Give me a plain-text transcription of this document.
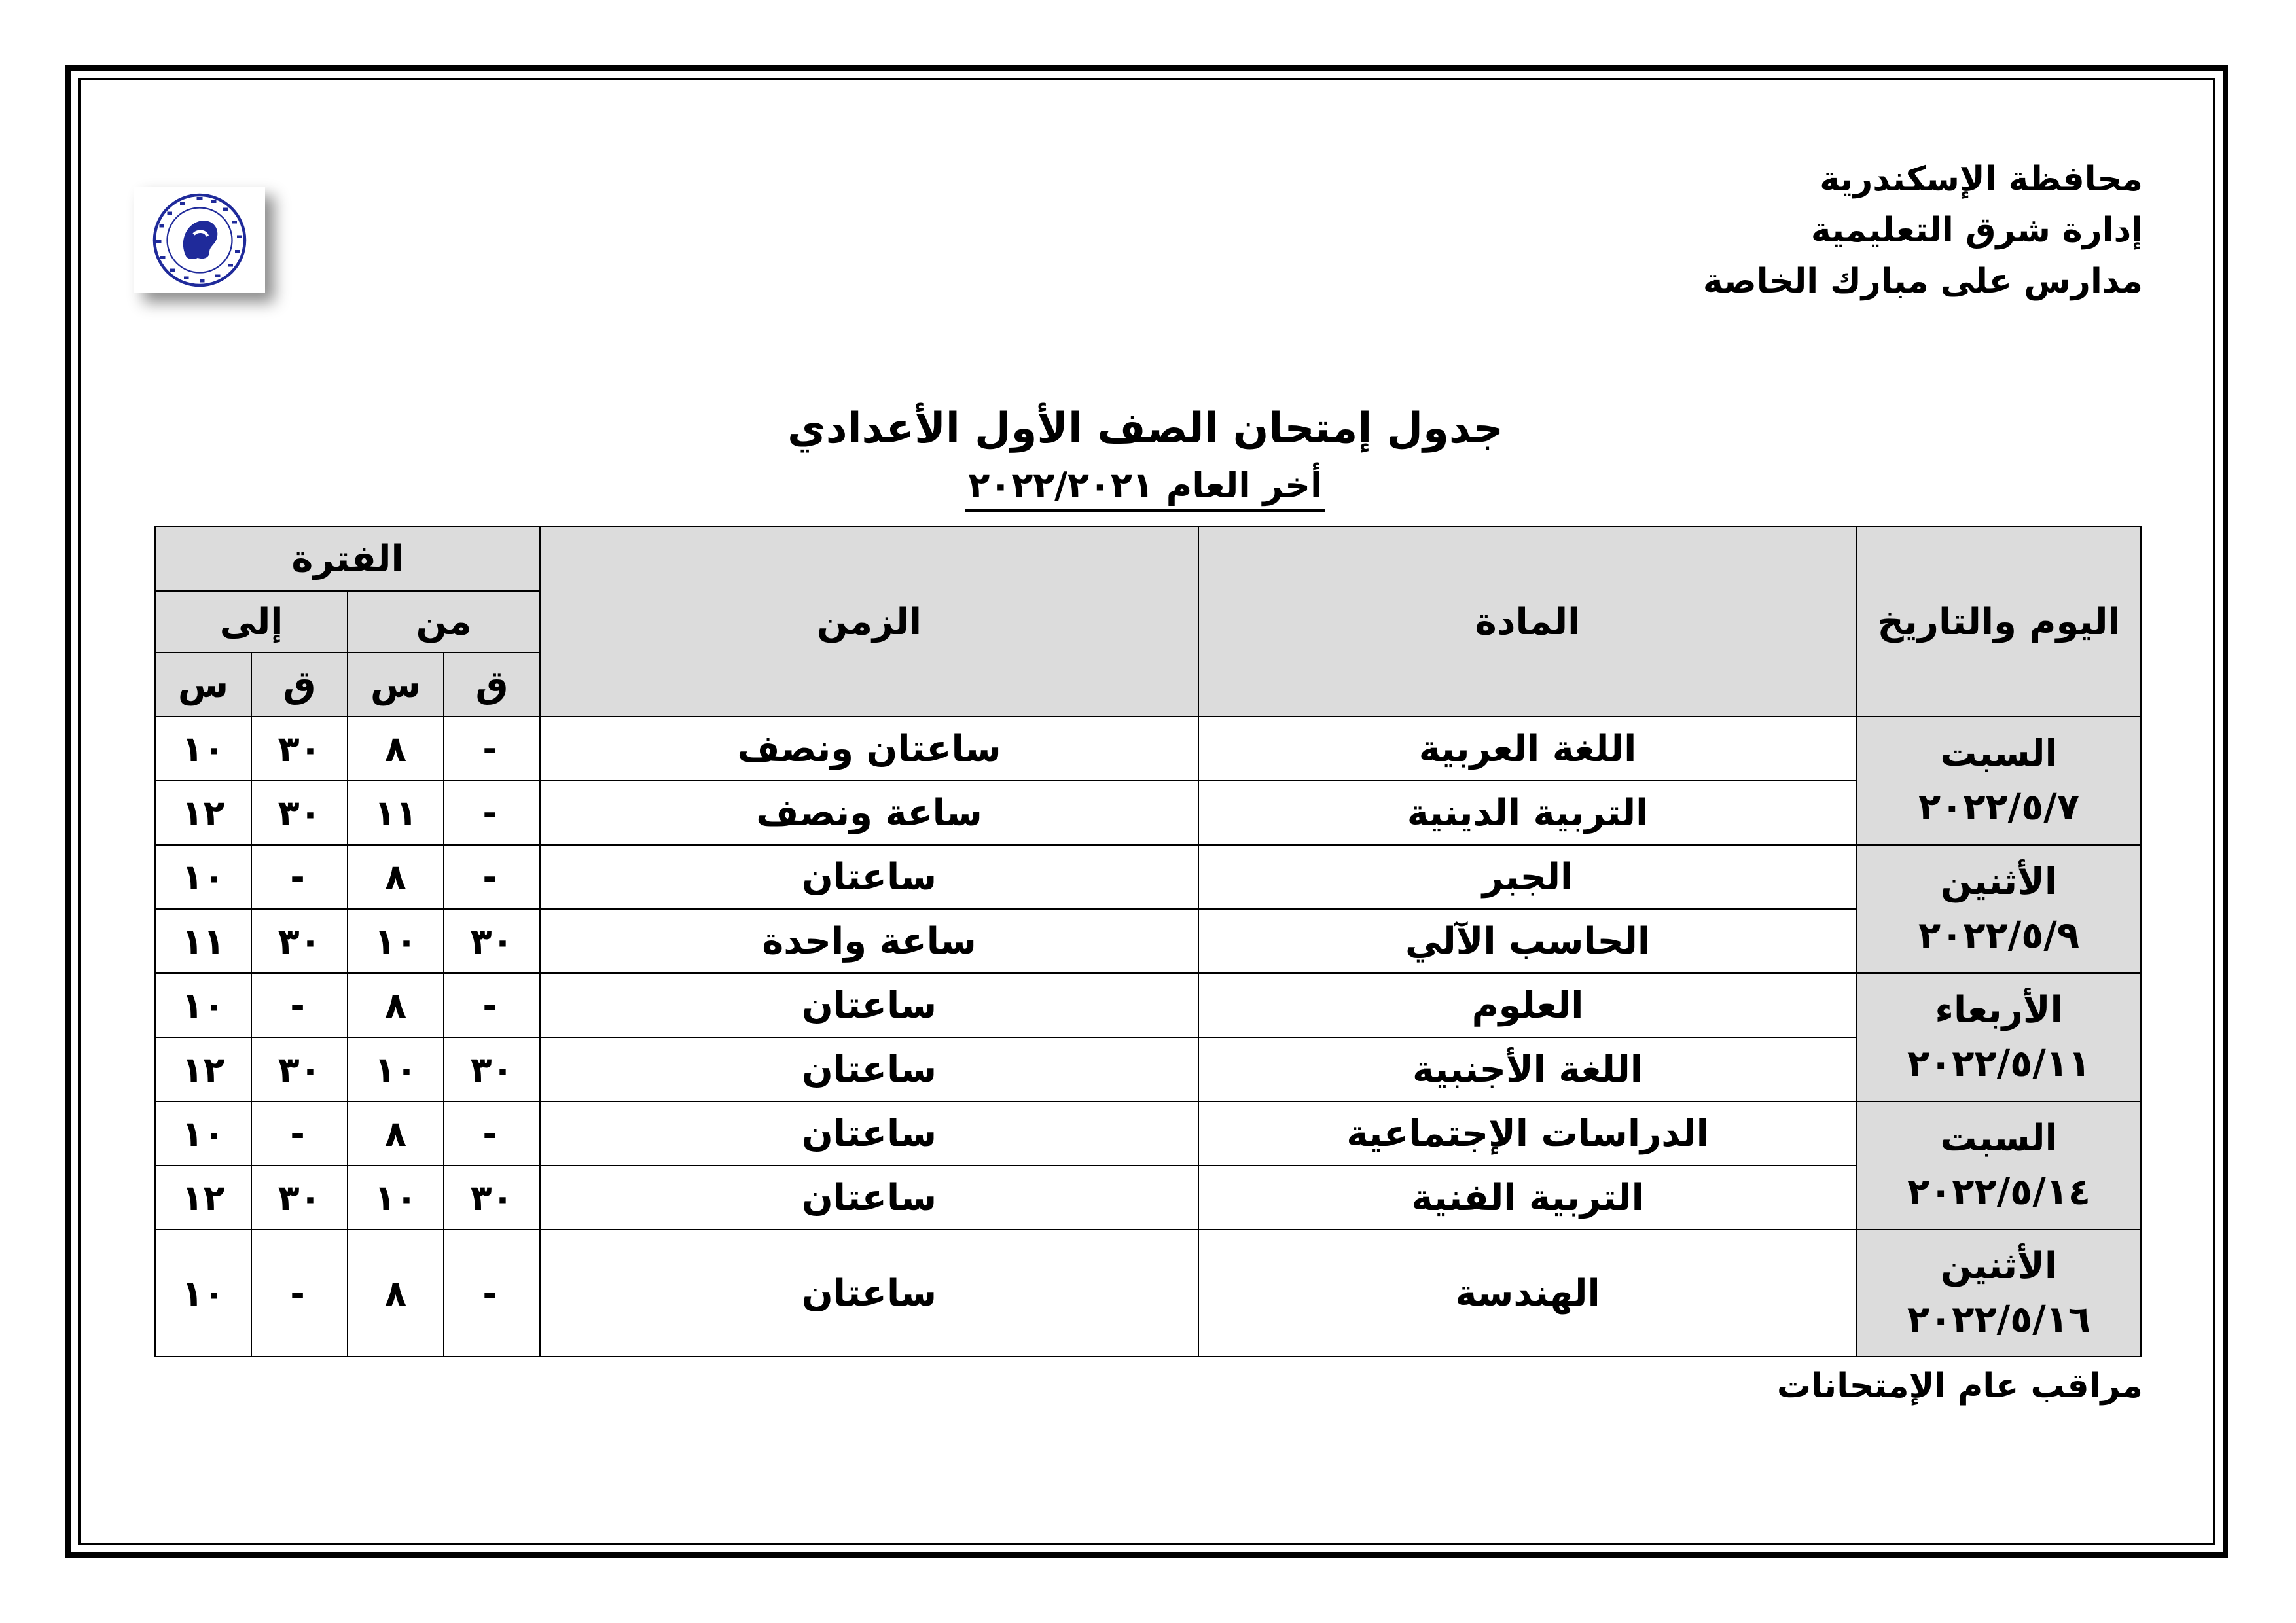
محافظة الإسكندرية
إدارة شرق التعليمية
مدارس على مبارك الخاصة
جدول إمتحان الصف الأول الأعدادي
أخر العام ٢٠٢٢/٢٠٢١
اليوم والتاريخ	المادة	الزمن	الفترة			
			من		إلى	
			ق	س	ق	س
السبت
٢٠٢٢/٥/٧	اللغة العربية	ساعتان ونصف	-	٨	٣٠	١٠
	التربية الدينية	ساعة ونصف	-	١١	٣٠	١٢
الأثنين
٢٠٢٢/٥/٩	الجبر	ساعتان	-	٨	-	١٠
	الحاسب الآلي	ساعة واحدة	٣٠	١٠	٣٠	١١
الأربعاء
٢٠٢٢/٥/١١	العلوم	ساعتان	-	٨	-	١٠
	اللغة الأجنبية	ساعتان	٣٠	١٠	٣٠	١٢
السبت
٢٠٢٢/٥/١٤	الدراسات الإجتماعية	ساعتان	-	٨	-	١٠
	التربية الفنية	ساعتان	٣٠	١٠	٣٠	١٢
الأثنين
٢٠٢٢/٥/١٦	الهندسة	ساعتان	-	٨	-	١٠
مراقب عام الإمتحانات
